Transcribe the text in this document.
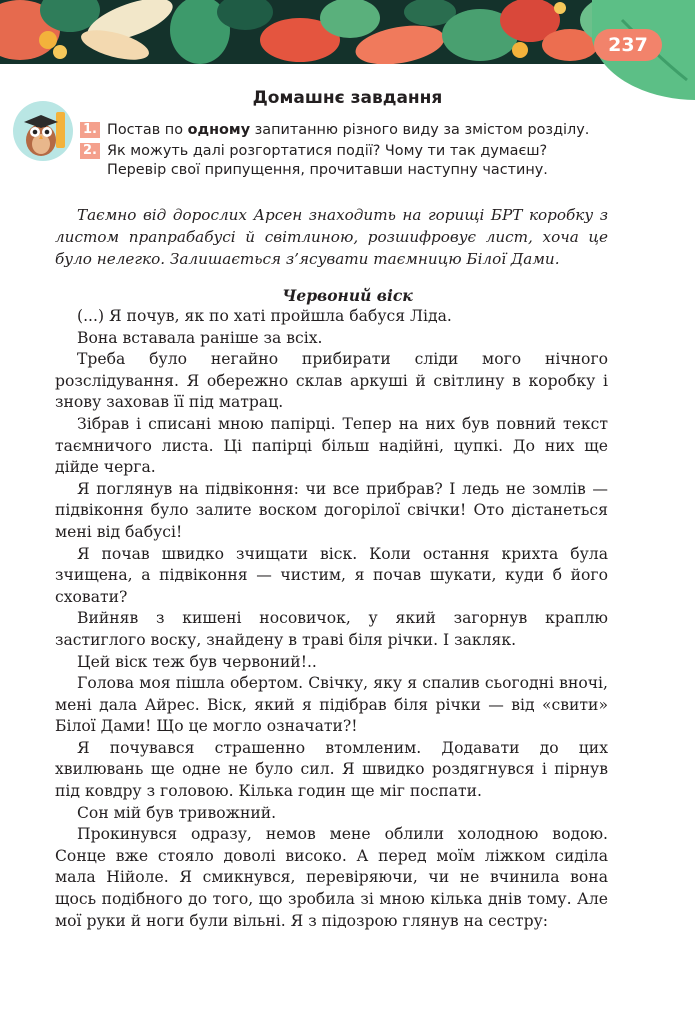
237
Домашнє завдання
1. Постав по одному запитанню різного виду за змістом розділу.
2. Як можуть далі розгортатися події? Чому ти так думаєш?
Перевір свої припущення, прочитавши наступну частину.
Таємно від дорослих Арсен знаходить на горищі БРТ коробку з листом прапрабабусі й світлиною, розшифровує лист, хоча це було нелегко. Залишається з’ясувати таємницю Білої Дами.
Червоний віск

(...) Я почув, як по хаті пройшла бабуся Ліда.

Вона вставала раніше за всіх.

Треба було негайно прибирати сліди мого нічного розслідування. Я обережно склав аркуші й світлину в коробку і знову заховав її під матрац.

Зібрав і списані мною папірці. Тепер на них був повний текст таємничого листа. Ці папірці більш надійні, цупкі. До них ще дійде черга.

Я поглянув на підвіконня: чи все прибрав? І ледь не зомлів — підвіконня було залите воском догорілої свічки! Ото дістанеться мені від бабусі!

Я почав швидко зчищати віск. Коли остання крихта була зчищена, а підвіконня — чистим, я почав шукати, куди б його сховати?

Вийняв з кишені носовичок, у який загорнув краплю застиглого воску, знайдену в траві біля річки. І закляк.

Цей віск теж був червоний!..

Голова моя пішла обертом. Свічку, яку я спалив сьогодні вночі, мені дала Айрес. Віск, який я підібрав біля річки — від «свити» Білої Дами! Що це могло означати?!

Я почувався страшенно втомленим. Додавати до цих хвилювань ще одне не було сил. Я швидко роздягнувся і пірнув під ковдру з головою. Кілька годин ще міг поспати.

Сон мій був тривожний.

Прокинувся одразу, немов мене облили холодною водою. Сонце вже стояло доволі високо. А перед моїм ліжком сиділа мала Нійоле. Я смикнувся, перевіряючи, чи не вчинила вона щось подібного до того, що зробила зі мною кілька днів тому. Але мої руки й ноги були вільні. Я з підозрою глянув на сестру:
